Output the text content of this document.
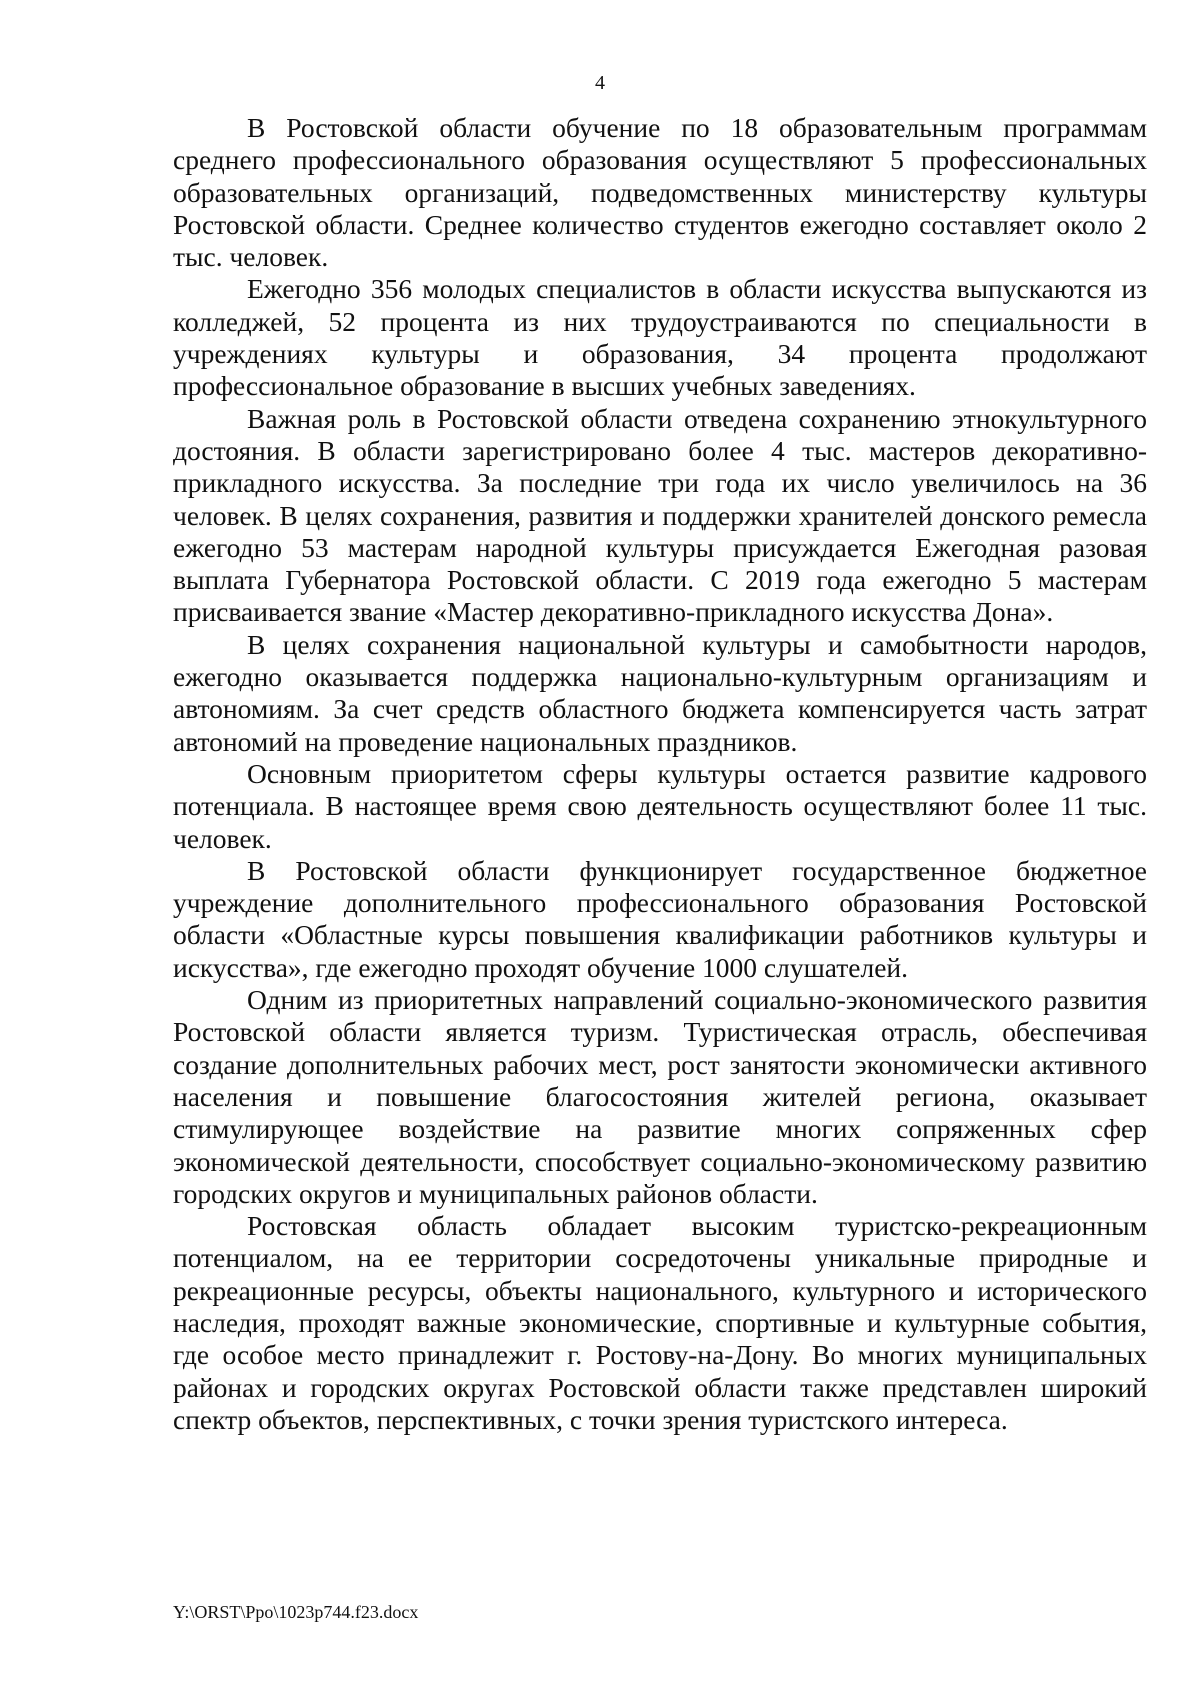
4

В Ростовской области обучение по 18 образовательным программам среднего профессионального образования осуществляют 5 профессиональных образовательных организаций, подведомственных министерству культуры Ростовской области. Среднее количество студентов ежегодно составляет около 2 тыс. человек.

Ежегодно 356 молодых специалистов в области искусства выпускаются из колледжей, 52 процента из них трудоустраиваются по специальности в учреждениях культуры и образования, 34 процента продолжают профессиональное образование в высших учебных заведениях.

Важная роль в Ростовской области отведена сохранению этнокультурного достояния. В области зарегистрировано более 4 тыс. мастеров декоративно-прикладного искусства. За последние три года их число увеличилось на 36 человек. В целях сохранения, развития и поддержки хранителей донского ремесла ежегодно 53 мастерам народной культуры присуждается Ежегодная разовая выплата Губернатора Ростовской области. С 2019 года ежегодно 5 мастерам присваивается звание «Мастер декоративно-прикладного искусства Дона».

В целях сохранения национальной культуры и самобытности народов, ежегодно оказывается поддержка национально-культурным организациям и автономиям. За счет средств областного бюджета компенсируется часть затрат автономий на проведение национальных праздников.

Основным приоритетом сферы культуры остается развитие кадрового потенциала. В настоящее время свою деятельность осуществляют более 11 тыс. человек.

В Ростовской области функционирует государственное бюджетное учреждение дополнительного профессионального образования Ростовской области «Областные курсы повышения квалификации работников культуры и искусства», где ежегодно проходят обучение 1000 слушателей.

Одним из приоритетных направлений социально-экономического развития Ростовской области является туризм. Туристическая отрасль, обеспечивая создание дополнительных рабочих мест, рост занятости экономически активного населения и повышение благосостояния жителей региона, оказывает стимулирующее воздействие на развитие многих сопряженных сфер экономической деятельности, способствует социально-экономическому развитию городских округов и муниципальных районов области.

Ростовская область обладает высоким туристско-рекреационным потенциалом, на ее территории сосредоточены уникальные природные и рекреационные ресурсы, объекты национального, культурного и исторического наследия, проходят важные экономические, спортивные и культурные события, где особое место принадлежит г. Ростову-на-Дону. Во многих муниципальных районах и городских округах Ростовской области также представлен широкий спектр объектов, перспективных, с точки зрения туристского интереса.

Y:\ORST\Ppo\1023p744.f23.docx
